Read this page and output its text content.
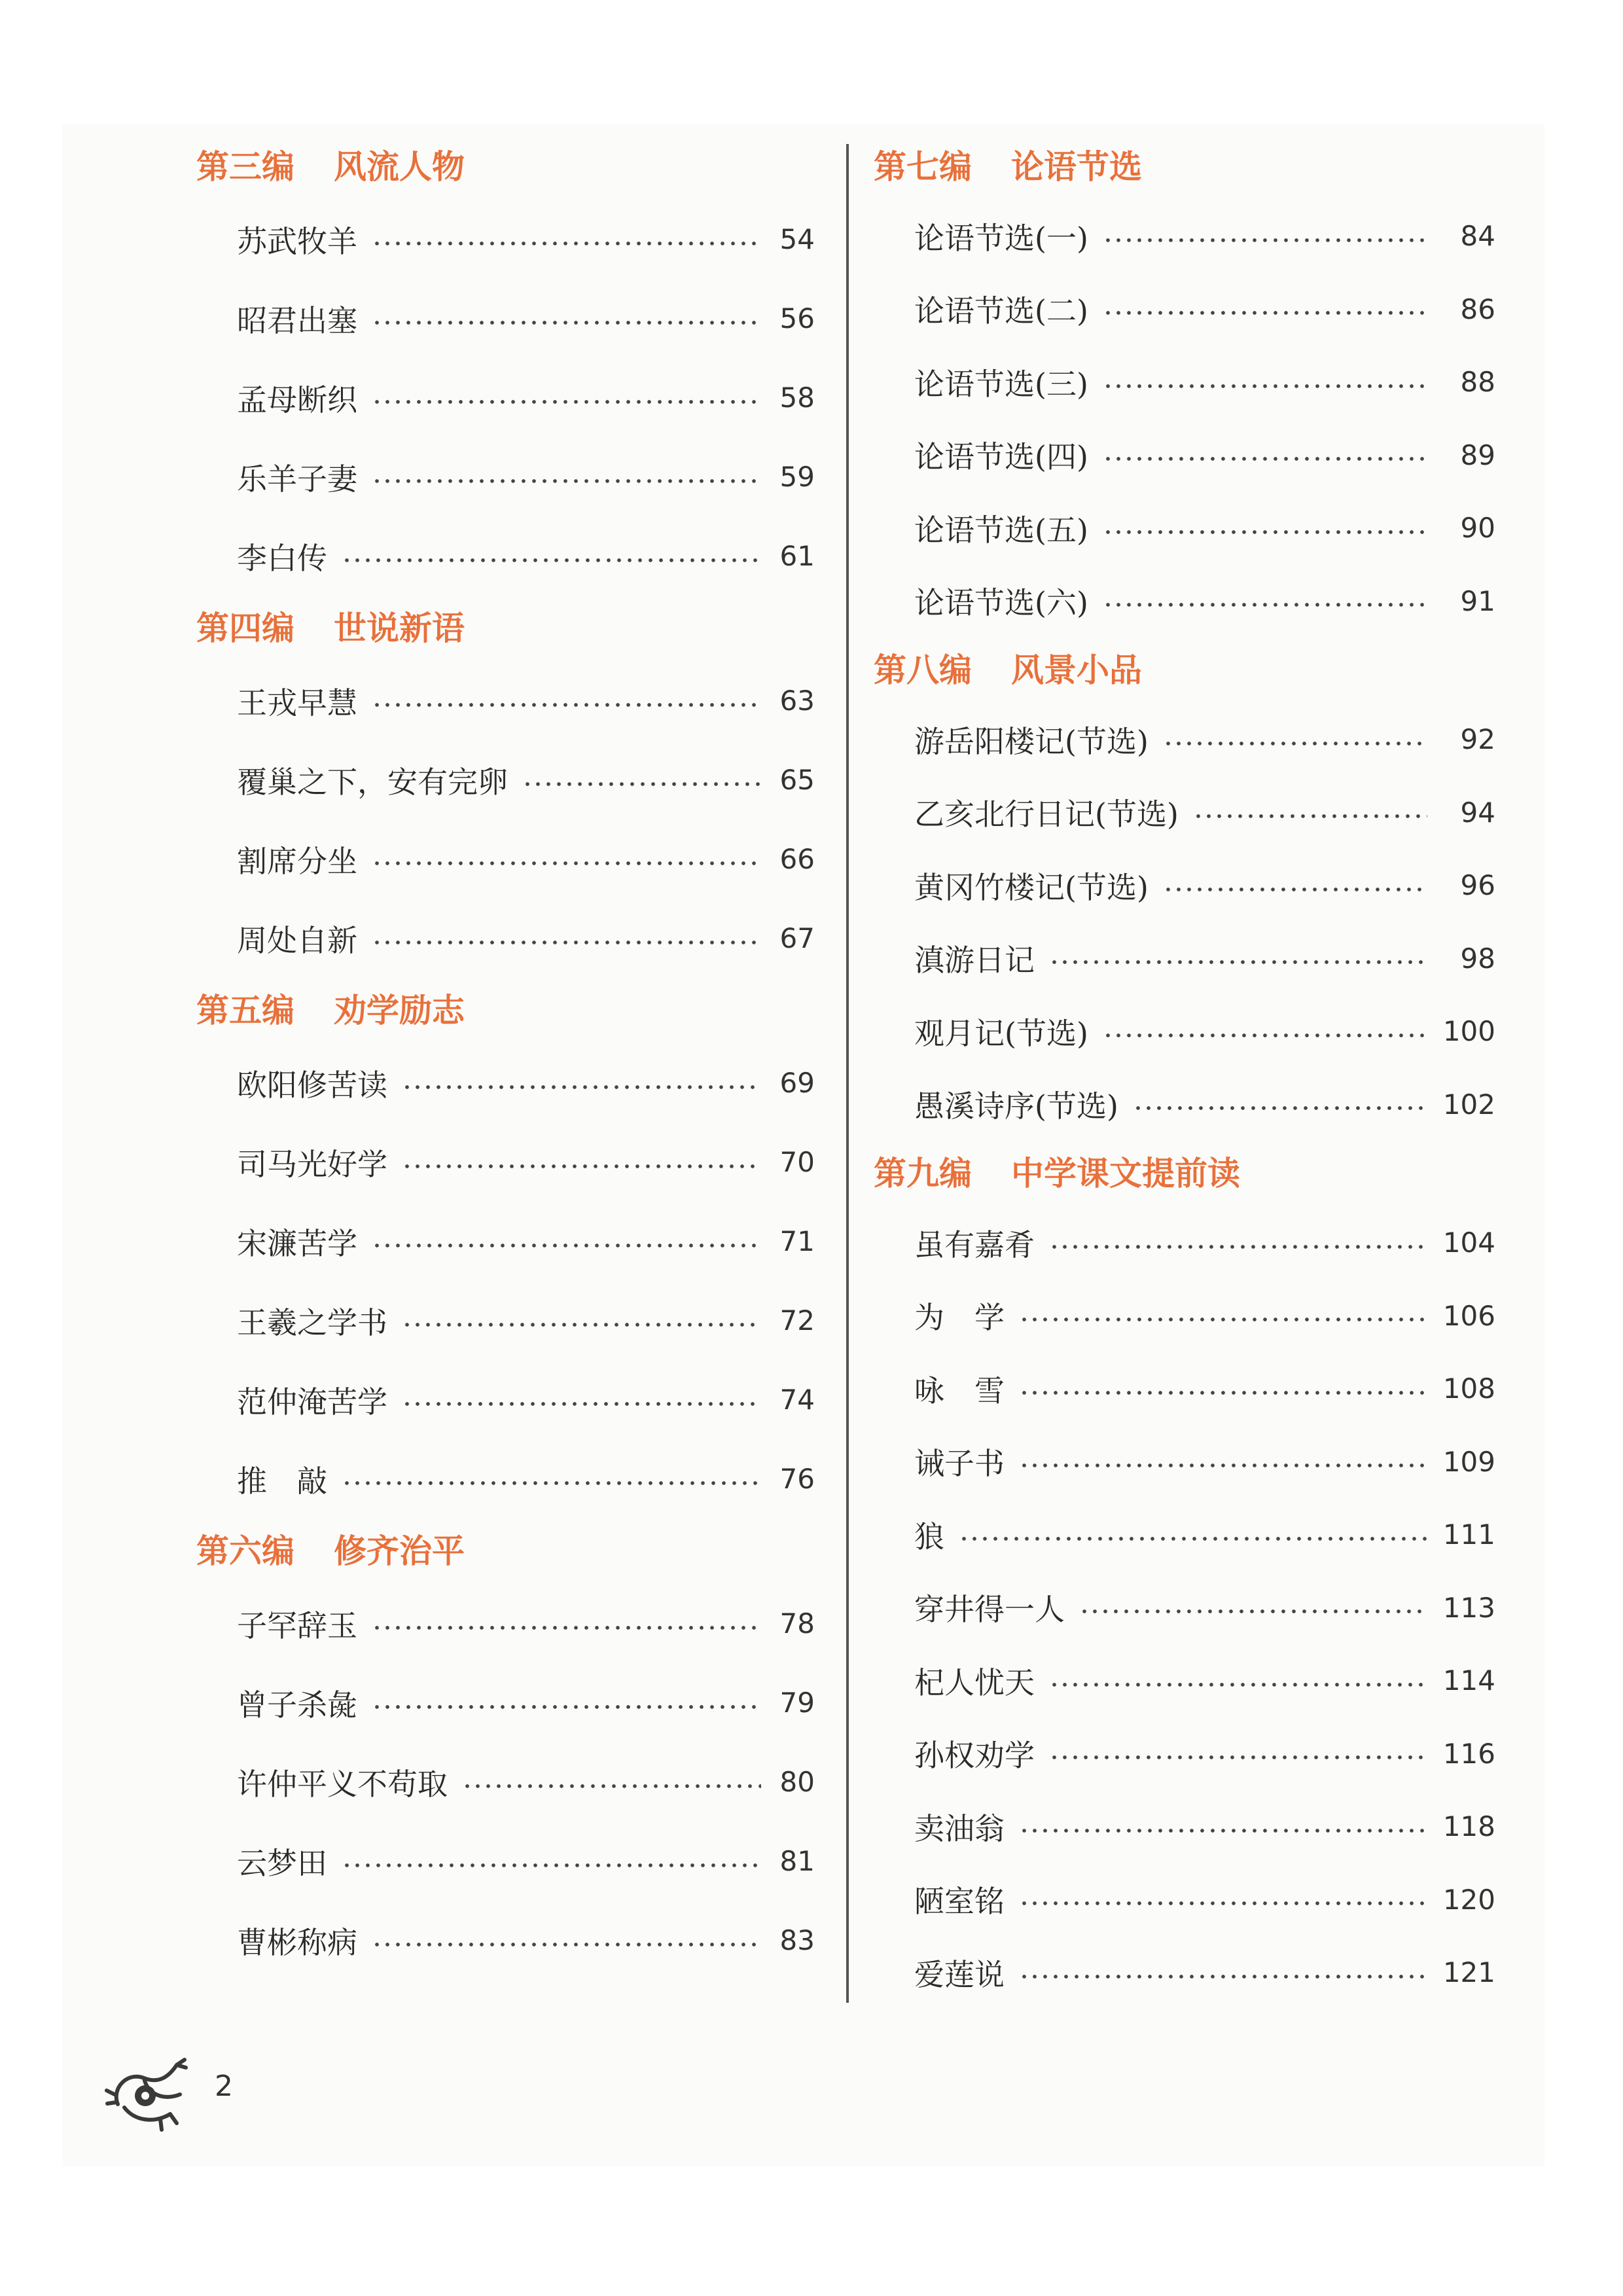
第三编 风流人物
苏武牧羊	54
昭君出塞	56
孟母断织	58
乐羊子妻	59
李白传	61
第四编 世说新语
王戎早慧	63
覆巢之下，安有完卵	65
割席分坐	66
周处自新	67
第五编 劝学励志
欧阳修苦读	69
司马光好学	70
宋濂苦学	71
王羲之学书	72
范仲淹苦学	74
推　敲	76
第六编 修齐治平
子罕辞玉	78
曾子杀彘	79
许仲平义不苟取	80
云梦田	81
曹彬称病	83
第七编 论语节选
论语节选(一)	84
论语节选(二)	86
论语节选(三)	88
论语节选(四)	89
论语节选(五)	90
论语节选(六)	91
第八编 风景小品
游岳阳楼记(节选)	92
乙亥北行日记(节选)	94
黄冈竹楼记(节选)	96
滇游日记	98
观月记(节选)	100
愚溪诗序(节选)	102
第九编 中学课文提前读
虽有嘉肴	104
为　学	106
咏　雪	108
诫子书	109
狼	111
穿井得一人	113
杞人忧天	114
孙权劝学	116
卖油翁	118
陋室铭	120
爱莲说	121
2
